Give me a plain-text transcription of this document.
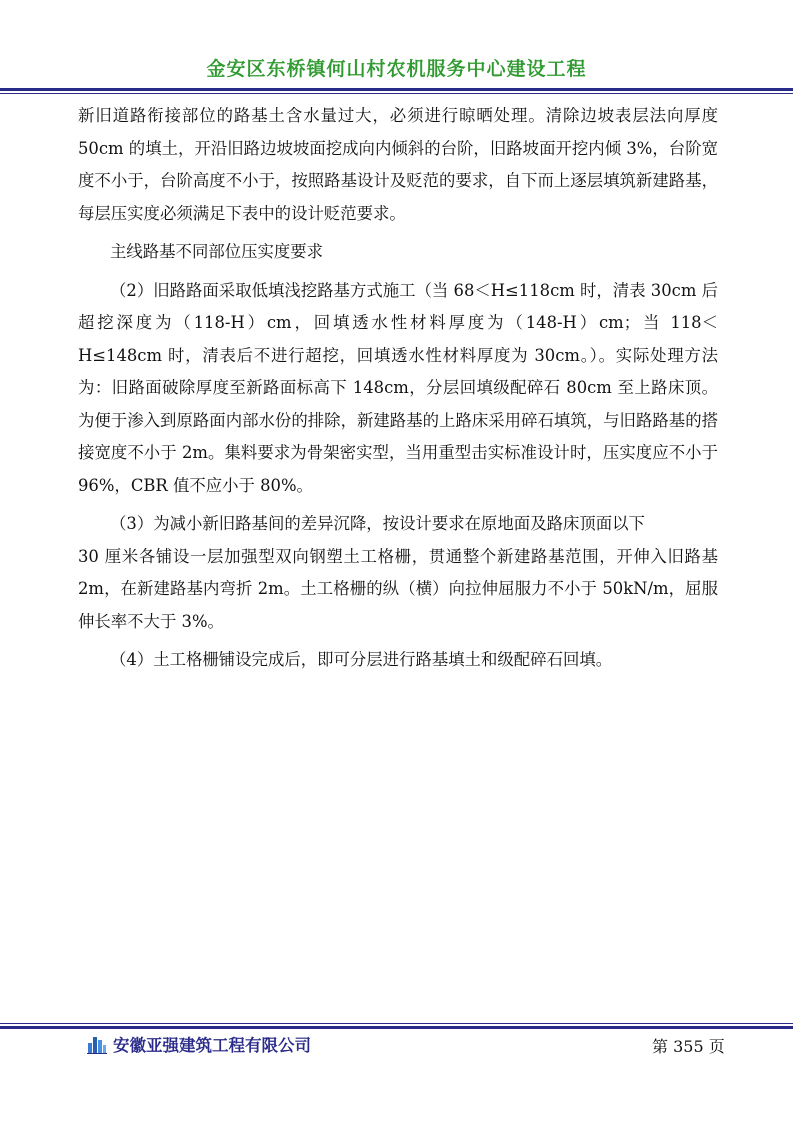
金安区东桥镇何山村农机服务中心建设工程

新旧道路衔接部位的路基土含水量过大，必须进行晾晒处理。清除边坡表层法向厚度 50cm 的填土，开沿旧路边坡坡面挖成向内倾斜的台阶，旧路坡面开挖内倾 3%，台阶宽度不小于，台阶高度不小于，按照路基设计及贬范的要求，自下而上逐层填筑新建路基，每层压实度必须满足下表中的设计贬范要求。

主线路基不同部位压实度要求

（2）旧路路面采取低填浅挖路基方式施工（当 68＜H≤118cm 时，清表 30cm 后超挖深度为（118-H）cm，回填透水性材料厚度为（148-H）cm；当 118＜H≤148cm 时，清表后不进行超挖，回填透水性材料厚度为 30cm。）。实际处理方法为：旧路面破除厚度至新路面标高下 148cm，分层回填级配碎石 80cm 至上路床顶。为便于渗入到原路面内部水份的排除，新建路基的上路床采用碎石填筑，与旧路路基的搭接宽度不小于 2m。集料要求为骨架密实型，当用重型击实标准设计时，压实度应不小于 96%，CBR 值不应小于 80%。

（3）为减小新旧路基间的差异沉降，按设计要求在原地面及路床顶面以下

30 厘米各铺设一层加强型双向钢塑土工格栅，贯通整个新建路基范围，开伸入旧路基 2m，在新建路基内弯折 2m。土工格栅的纵（横）向拉伸屈服力不小于 50kN/m，屈服伸长率不大于 3%。

（4）土工格栅铺设完成后，即可分层进行路基填土和级配碎石回填。

安徽亚强建筑工程有限公司	第 355 页
